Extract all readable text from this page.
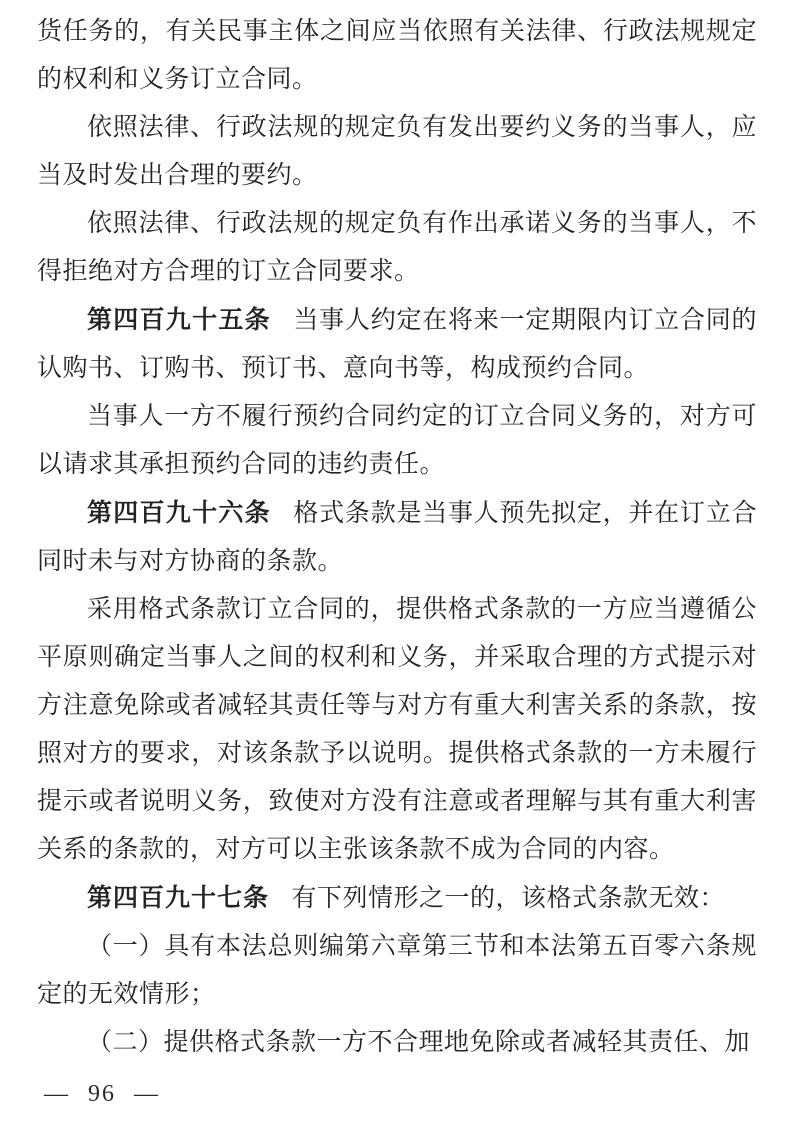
货任务的，有关民事主体之间应当依照有关法律、行政法规规定的权利和义务订立合同。

依照法律、行政法规的规定负有发出要约义务的当事人，应当及时发出合理的要约。

依照法律、行政法规的规定负有作出承诺义务的当事人，不得拒绝对方合理的订立合同要求。

第四百九十五条 当事人约定在将来一定期限内订立合同的认购书、订购书、预订书、意向书等，构成预约合同。

当事人一方不履行预约合同约定的订立合同义务的，对方可以请求其承担预约合同的违约责任。

第四百九十六条 格式条款是当事人预先拟定，并在订立合同时未与对方协商的条款。

采用格式条款订立合同的，提供格式条款的一方应当遵循公平原则确定当事人之间的权利和义务，并采取合理的方式提示对方注意免除或者减轻其责任等与对方有重大利害关系的条款，按照对方的要求，对该条款予以说明。提供格式条款的一方未履行提示或者说明义务，致使对方没有注意或者理解与其有重大利害关系的条款的，对方可以主张该条款不成为合同的内容。

第四百九十七条 有下列情形之一的，该格式条款无效：

（一）具有本法总则编第六章第三节和本法第五百零六条规定的无效情形；

（二）提供格式条款一方不合理地免除或者减轻其责任、加

— 96 —
